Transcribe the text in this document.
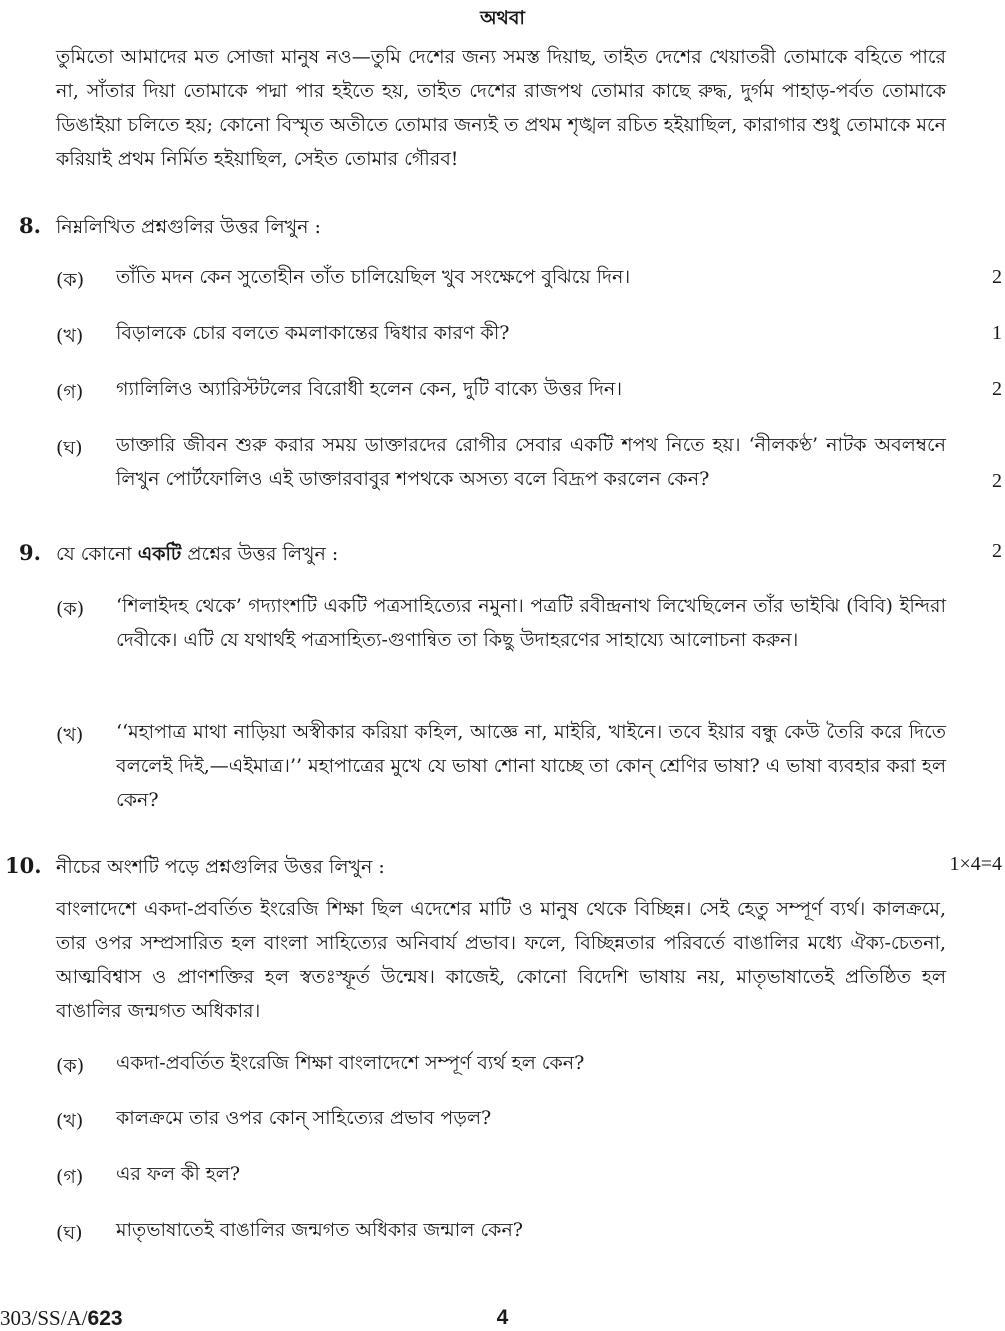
অথবা
তুমিতো আমাদের মত সোজা মানুষ নও—তুমি দেশের জন্য সমস্ত দিয়াছ, তাইত দেশের খেয়াতরী তোমাকে বহিতে পারে না, সাঁতার দিয়া তোমাকে পদ্মা পার হইতে হয়, তাইত দেশের রাজপথ তোমার কাছে রুদ্ধ, দুর্গম পাহাড়-পর্বত তোমাকে ডিঙাইয়া চলিতে হয়; কোনো বিস্মৃত অতীতে তোমার জন্যই ত প্রথম শৃঙ্খল রচিত হইয়াছিল, কারাগার শুধু তোমাকে মনে করিয়াই প্রথম নির্মিত হইয়াছিল, সেইত তোমার গৌরব!
8. নিম্নলিখিত প্রশ্নগুলির উত্তর লিখুন :
(ক) তাঁতি মদন কেন সুতোহীন তাঁত চালিয়েছিল খুব সংক্ষেপে বুঝিয়ে দিন।	2
(খ) বিড়ালকে চোর বলতে কমলাকান্তের দ্বিধার কারণ কী?	1
(গ) গ্যালিলিও অ্যারিস্টটলের বিরোধী হলেন কেন, দুটি বাক্যে উত্তর দিন।	2
(ঘ) ডাক্তারি জীবন শুরু করার সময় ডাক্তারদের রোগীর সেবার একটি শপথ নিতে হয়। ‘নীলকণ্ঠ’ নাটক অবলম্বনে লিখুন পোর্টফোলিও এই ডাক্তারবাবুর শপথকে অসত্য বলে বিদ্রূপ করলেন কেন?	2
9. যে কোনো একটি প্রশ্নের উত্তর লিখুন :	2
(ক) ‘শিলাইদহ থেকে’ গদ্যাংশটি একটি পত্রসাহিত্যের নমুনা। পত্রটি রবীন্দ্রনাথ লিখেছিলেন তাঁর ভাইঝি (বিবি) ইন্দিরা দেবীকে। এটি যে যথার্থই পত্রসাহিত্য-গুণান্বিত তা কিছু উদাহরণের সাহায্যে আলোচনা করুন।
(খ) ‘‘মহাপাত্র মাথা নাড়িয়া অস্বীকার করিয়া কহিল, আজ্ঞে না, মাইরি, খাইনে। তবে ইয়ার বন্ধু কেউ তৈরি করে দিতে বললেই দিই,—এইমাত্র।’’ মহাপাত্রের মুখে যে ভাষা শোনা যাচ্ছে তা কোন্ শ্রেণির ভাষা? এ ভাষা ব্যবহার করা হল কেন?
10. নীচের অংশটি পড়ে প্রশ্নগুলির উত্তর লিখুন :	1×4=4
বাংলাদেশে একদা-প্রবর্তিত ইংরেজি শিক্ষা ছিল এদেশের মাটি ও মানুষ থেকে বিচ্ছিন্ন। সেই হেতু সম্পূর্ণ ব্যর্থ। কালক্রমে, তার ওপর সম্প্রসারিত হল বাংলা সাহিত্যের অনিবার্য প্রভাব। ফলে, বিচ্ছিন্নতার পরিবর্তে বাঙালির মধ্যে ঐক্য-চেতনা, আত্মবিশ্বাস ও প্রাণশক্তির হল স্বতঃস্ফূর্ত উন্মেষ। কাজেই, কোনো বিদেশি ভাষায় নয়, মাতৃভাষাতেই প্রতিষ্ঠিত হল বাঙালির জন্মগত অধিকার।
(ক) একদা-প্রবর্তিত ইংরেজি শিক্ষা বাংলাদেশে সম্পূর্ণ ব্যর্থ হল কেন?
(খ) কালক্রমে তার ওপর কোন্ সাহিত্যের প্রভাব পড়ল?
(গ) এর ফল কী হল?
(ঘ) মাতৃভাষাতেই বাঙালির জন্মগত অধিকার জন্মাল কেন?
303/SS/A/623	4
